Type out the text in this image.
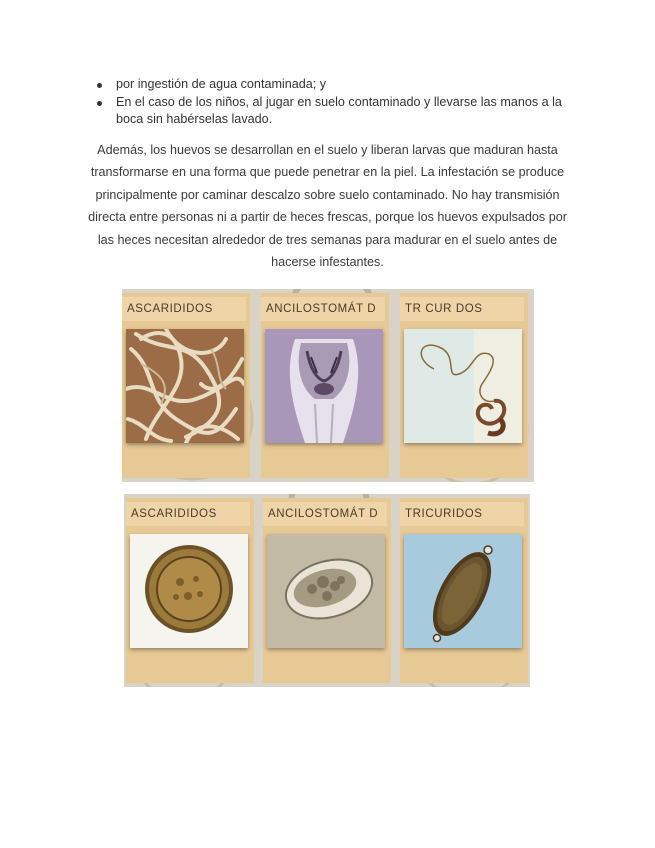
por ingestión de agua contaminada; y
En el caso de los niños, al jugar en suelo contaminado y llevarse las manos a la boca sin habérselas lavado.

Además, los huevos se desarrollan en el suelo y liberan larvas que maduran hasta transformarse en una forma que puede penetrar en la piel. La infestación se produce principalmente por caminar descalzo sobre suelo contaminado. No hay transmisión directa entre personas ni a partir de heces frescas, porque los huevos expulsados por las heces necesitan alrededor de tres semanas para madurar en el suelo antes de hacerse infestantes.

ASCARIDIDOS	ANCILOSTOMÁT D	TR CUR DOS
ASCARIDIDOS	ANCILOSTOMÁT D	TRICURIDOS
